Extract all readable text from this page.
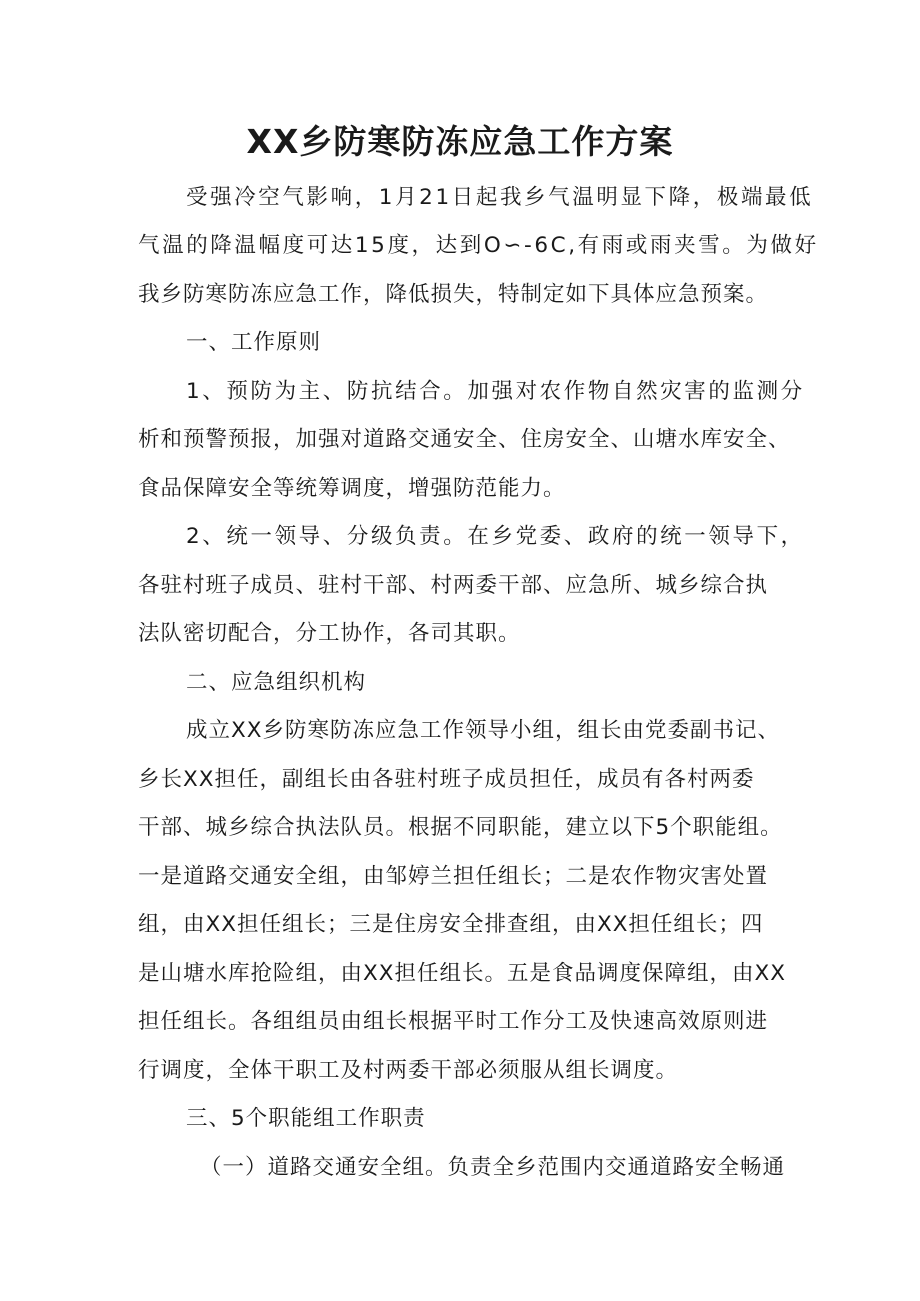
XX乡防寒防冻应急工作方案
受强冷空气影响，1月21日起我乡气温明显下降，极端最低
气温的降温幅度可达15度，达到O∽-6C,有雨或雨夹雪。为做好
我乡防寒防冻应急工作，降低损失，特制定如下具体应急预案。
一、工作原则
1、预防为主、防抗结合。加强对农作物自然灾害的监测分
析和预警预报，加强对道路交通安全、住房安全、山塘水库安全、
食品保障安全等统筹调度，增强防范能力。
2、统一领导、分级负责。在乡党委、政府的统一领导下，
各驻村班子成员、驻村干部、村两委干部、应急所、城乡综合执
法队密切配合，分工协作，各司其职。
二、应急组织机构
成立XX乡防寒防冻应急工作领导小组，组长由党委副书记、
乡长XX担任，副组长由各驻村班子成员担任，成员有各村两委
干部、城乡综合执法队员。根据不同职能，建立以下5个职能组。
一是道路交通安全组，由邹婷兰担任组长；二是农作物灾害处置
组，由XX担任组长；三是住房安全排查组，由XX担任组长；四
是山塘水库抢险组，由XX担任组长。五是食品调度保障组，由XX
担任组长。各组组员由组长根据平时工作分工及快速高效原则进
行调度，全体干职工及村两委干部必须服从组长调度。
三、5个职能组工作职责
（一）道路交通安全组。负责全乡范围内交通道路安全畅通
